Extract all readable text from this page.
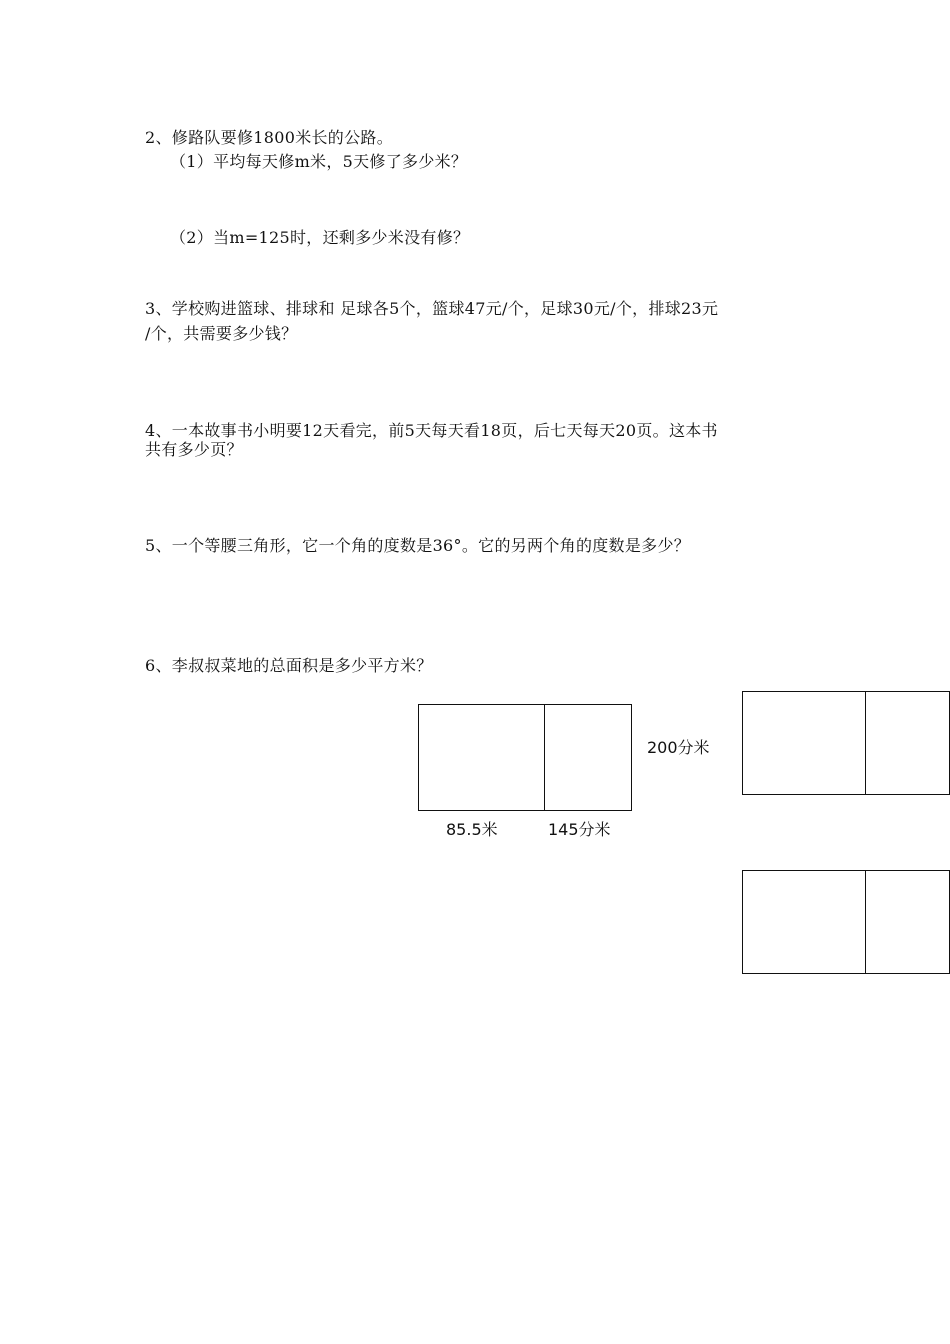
2、修路队要修1800米长的公路。
（1）平均每天修m米，5天修了多少米？
（2）当m=125时，还剩多少米没有修？
3、学校购进篮球、排球和 足球各5个，篮球47元/个，足球30元/个，排球23元
/个，共需要多少钱？
4、一本故事书小明要12天看完，前5天每天看18页，后七天每天20页。这本书
共有多少页？
5、一个等腰三角形，它一个角的度数是36°。它的另两个角的度数是多少？
6、李叔叔菜地的总面积是多少平方米？
85.5米	145分米
200分米
